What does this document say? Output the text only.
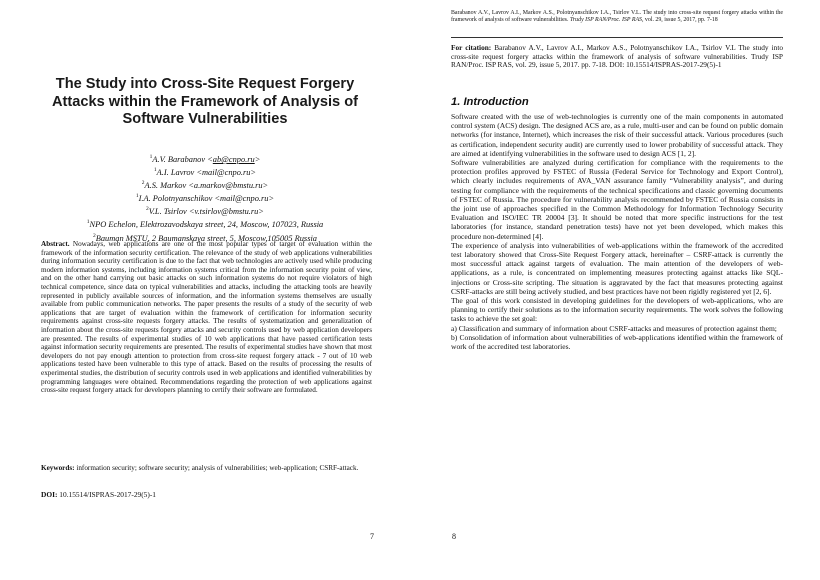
The Study into Cross-Site Request Forgery Attacks within the Framework of Analysis of Software Vulnerabilities
$^1$A.V. Barabanov <ab@cnpo.ru>
$^1$A.I. Lavrov <mail@cnpo.ru>
$^2$A.S. Markov <a.markov@bmstu.ru>
$^1$I.A. Polotnyanschikov <mail@cnpo.ru>
$^2$V.L. Tsirlov <v.tsirlov@bmstu.ru>
$^1$NPO Echelon, Elektrozavodskaya street, 24, Moscow, 107023, Russia
$^2$Bauman MSTU, 2 Baumanskaya street, 5, Moscow,105005 Russia
Abstract. Nowadays, web applications are one of the most popular types of target of evaluation within the framework of the information security certification. The relevance of the study of web applications vulnerabilities during information security certification is due to the fact that web technologies are actively used while producing modern information systems, including information systems critical from the information security point of view, and on the other hand carrying out basic attacks on such information systems do not require violators of high technical competence, since data on typical vulnerabilities and attacks, including the attacking tools are heavily represented in publicly available sources of information, and the information systems themselves are usually available from public communication networks. The paper presents the results of a study of the security of web applications that are target of evaluation within the framework of certification for information security requirements against cross-site requests forgery attacks. The results of systematization and generalization of information about the cross-site requests forgery attacks and security controls used by web application developers are presented. The results of experimental studies of 10 web applications that have passed certification tests against information security requirements are presented. The results of experimental studies have shown that most developers do not pay enough attention to protection from cross-site request forgery attack - 7 out of 10 web applications tested have been vulnerable to this type of attack. Based on the results of processing the results of experimental studies, the distribution of security controls used in web applications and identified vulnerabilities by programming languages were obtained. Recommendations regarding the protection of web applications against cross-site request forgery attack for developers planning to certify their software are formulated.
Keywords: information security; software security; analysis of vulnerabilities; web-application; CSRF-attack.
DOI: 10.15514/ISPRAS-2017-29(5)-1
7
Barabanov A.V., Lavrov A.I., Markov A.S., Polotnyanschikov I.A., Tsirlov V.L. The study into cross-site request forgery attacks within the framework of analysis of software vulnerabilities. Trudy ISP RAN/Proc. ISP RAS, vol. 29, issue 5, 2017, pp. 7-18
For citation: Barabanov A.V., Lavrov A.I., Markov A.S., Polotnyanschikov I.A., Tsirlov V.L The study into cross-site request forgery attacks within the framework of analysis of software vulnerabilities. Trudy ISP RAN/Proc. ISP RAS, vol. 29, issue 5, 2017. pp. 7-18. DOI: 10.15514/ISPRAS-2017-29(5)-1
1. Introduction

Software created with the use of web-technologies is currently one of the main components in automated control system (ACS) design. The designed ACS are, as a rule, multi-user and can be found on public domain networks (for instance, Internet), which increases the risk of their successful attack. Various procedures (such as certification, independent security audit) are currently used to lower probability of successful attack. They are aimed at identifying vulnerabilities in the software used to design ACS [1, 2].

Software vulnerabilities are analyzed during certification for compliance with the requirements to the protection profiles approved by FSTEC of Russia (Federal Service for Technology and Export Control), which clearly includes requirements of AVA_VAN assurance family “Vulnerability analysis”, and during testing for compliance with the requirements of the technical specifications and classic governing documents of FSTEC of Russia. The procedure for vulnerability analysis recommended by FSTEC of Russia consists in the joint use of approaches specified in the Common Methodology for Information Technology Security Evaluation and ISO/IEC TR 20004 [3]. It should be noted that more specific instructions for the test laboratories (for instance, standard penetration tests) have not yet been developed, which makes this procedure non-determined [4].

The experience of analysis into vulnerabilities of web-applications within the framework of the accredited test laboratory showed that Cross-Site Request Forgery attack, hereinafter – CSRF-attack is currently the most successful attack against targets of evaluation. The main attention of the developers of web-applications, as a rule, is concentrated on implementing measures protecting against attacks like SQL-injections or Cross-site scripting. The situation is aggravated by the fact that measures protecting against CSRF-attacks are still being actively studied, and best practices have not been rigidly registered yet [2, 6].

The goal of this work consisted in developing guidelines for the developers of web-applications, who are planning to certify their solutions as to the information security requirements. The work solves the following tasks to achieve the set goal:

a) Classification and summary of information about CSRF-attacks and measures of protection against them;

b) Consolidation of information about vulnerabilities of web-applications identified within the framework of work of the accredited test laboratories.

8
